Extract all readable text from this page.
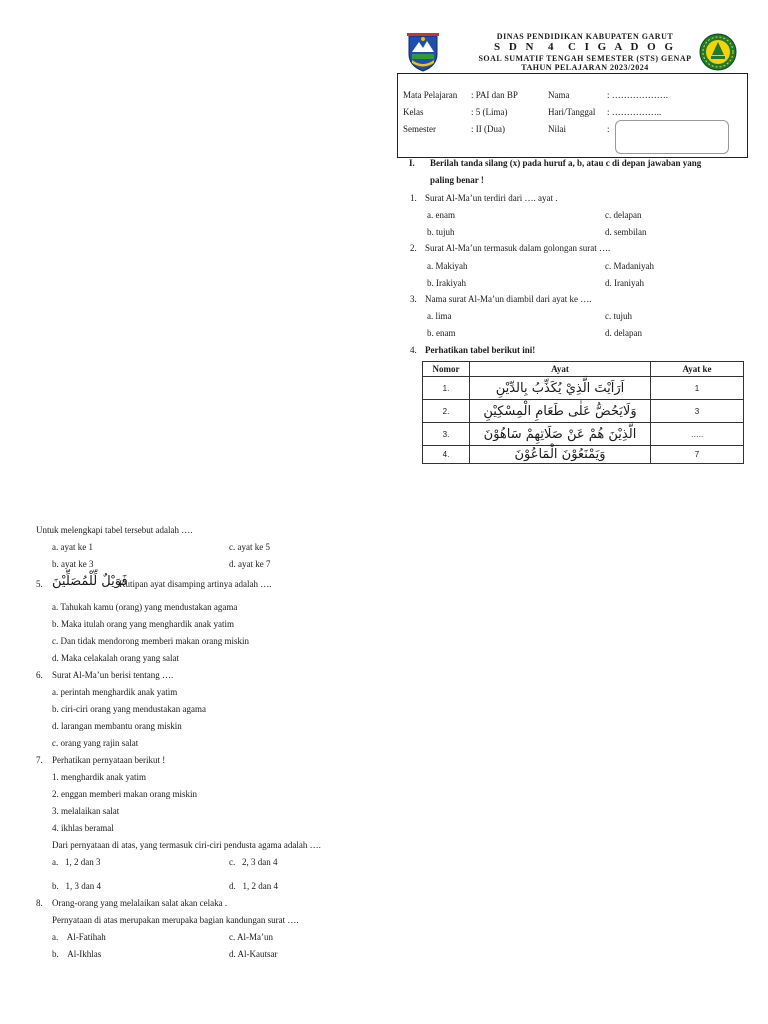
DINAS PENDIDIKAN KABUPATEN GARUT
S D N  4  C I G A D O G
SOAL SUMATIF TENGAH SEMESTER (STS) GENAP
TAHUN PELAJARAN 2023/2024
Mata Pelajaran : PAI dan BP
Kelas	: 5 (Lima)
Semester	: II (Dua)
Nama	: ……………….
Hari/Tanggal : ……………..
Nilai	:
I. Berilah tanda silang (x) pada huruf a, b, atau c di depan jawaban yang
paling benar !
1. Surat Al-Ma’un terdiri dari …. ayat .
a. enam	c. delapan
b. tujuh	d. sembilan
2. Surat Al-Ma’un termasuk dalam golongan surat ….
a. Makiyah	c. Madaniyah
b. Irakiyah	d. Iraniyah
3. Nama surat Al-Ma’un diambil dari ayat ke ….
a. lima	c. tujuh
b. enam	d. delapan
4. Perhatikan tabel berikut ini!
Nomor	Ayat	Ayat ke
1.	اَرَاَيْتَ الَّذِيْ يُكَذِّبُ بِالدِّيْنِ	1
2.	وَلَايَحُضُّ عَلٰى طَعَامِ الْمِسْكِيْنِ	3
3.	الَّذِيْنَ هُمْ عَنْ صَلَاتِهِمْ سَاهُوْنَ	…..
4.	وَيَمْنَعُوْنَ الْمَاعُوْنَ	7
Untuk melengkapi tabel tersebut adalah ….
a. ayat ke 1	c. ayat ke 5
b. ayat ke 3	d. ayat ke 7
5. فَوَيْلٌ لِّلْمُصَلِّيْنَ
Kutipan ayat disamping artinya adalah ….
a. Tahukah kamu (orang) yang mendustakan agama
b. Maka itulah orang yang menghardik anak yatim
c. Dan tidak mendorong memberi makan orang miskin
d. Maka celakalah orang yang salat
6. Surat Al-Ma’un berisi tentang ….
a. perintah menghardik anak yatim
b. ciri-ciri orang yang mendustakan agama
d. larangan membantu orang miskin
c. orang yang rajin salat
7. Perhatikan pernyataan berikut !
1. menghardik anak yatim
2. enggan memberi makan orang miskin
3. melalaikan salat
4. ikhlas beramal
Dari pernyataan di atas, yang termasuk ciri-ciri pendusta agama adalah ….
a.   1, 2 dan 3	c.   2, 3 dan 4
b.   1, 3 dan 4	d.   1, 2 dan 4
8. Orang-orang yang melalaikan salat akan celaka .
Pernyataan di atas merupakan merupaka bagian kandungan surat ….
a.    Al-Fatihah	c. Al-Ma’un
b.    Al-Ikhlas	d. Al-Kautsar
